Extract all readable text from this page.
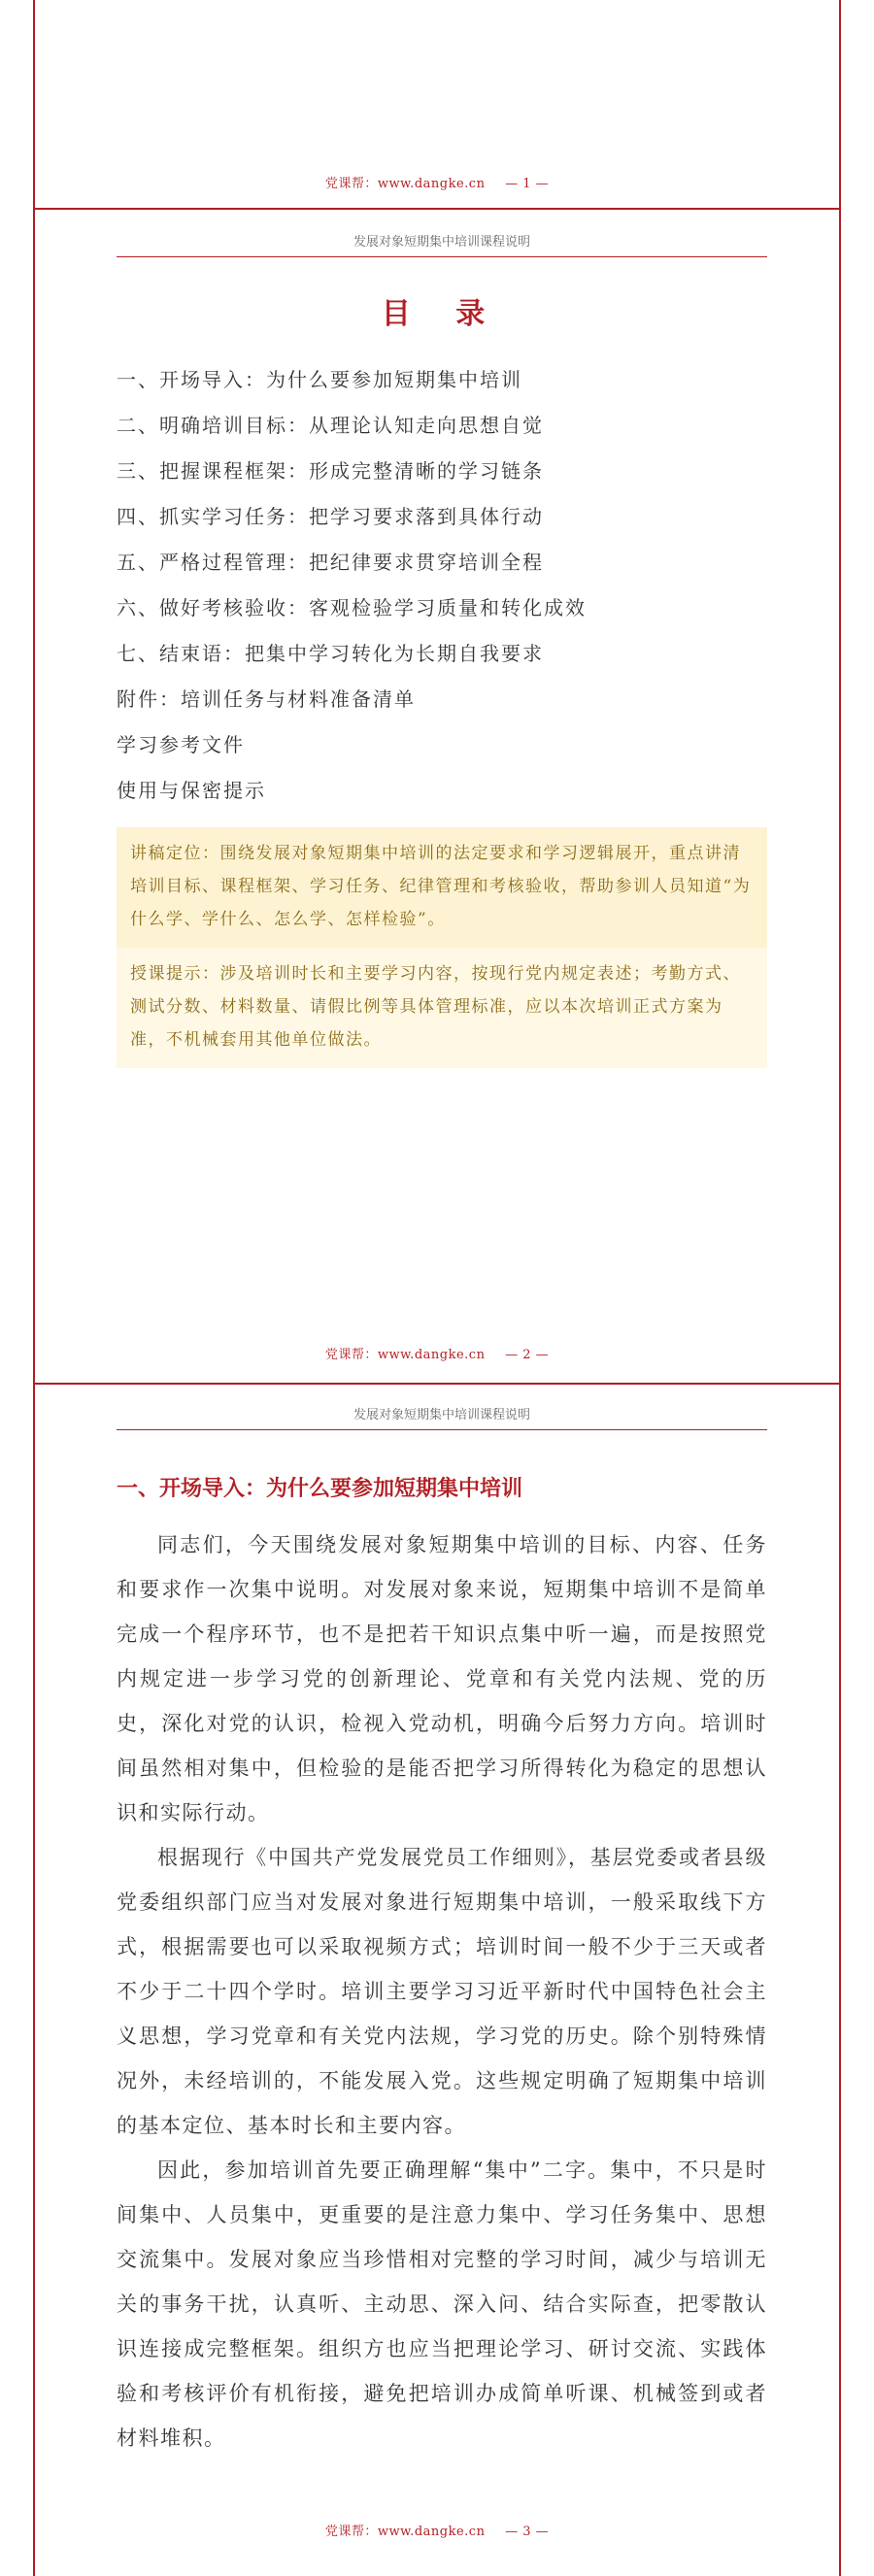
党课帮：www.dangke.cn — 1 —
发展对象短期集中培训课程说明
目 录
一、开场导入：为什么要参加短期集中培训
二、明确培训目标：从理论认知走向思想自觉
三、把握课程框架：形成完整清晰的学习链条
四、抓实学习任务：把学习要求落到具体行动
五、严格过程管理：把纪律要求贯穿培训全程
六、做好考核验收：客观检验学习质量和转化成效
七、结束语：把集中学习转化为长期自我要求
附件：培训任务与材料准备清单
学习参考文件
使用与保密提示
讲稿定位：围绕发展对象短期集中培训的法定要求和学习逻辑展开，重点讲清培训目标、课程框架、学习任务、纪律管理和考核验收，帮助参训人员知道“为什么学、学什么、怎么学、怎样检验”。
授课提示：涉及培训时长和主要学习内容，按现行党内规定表述；考勤方式、测试分数、材料数量、请假比例等具体管理标准，应以本次培训正式方案为准，不机械套用其他单位做法。
党课帮：www.dangke.cn — 2 —
发展对象短期集中培训课程说明
一、开场导入：为什么要参加短期集中培训

同志们，今天围绕发展对象短期集中培训的目标、内容、任务和要求作一次集中说明。对发展对象来说，短期集中培训不是简单完成一个程序环节，也不是把若干知识点集中听一遍，而是按照党内规定进一步学习党的创新理论、党章和有关党内法规、党的历史，深化对党的认识，检视入党动机，明确今后努力方向。培训时间虽然相对集中，但检验的是能否把学习所得转化为稳定的思想认识和实际行动。

根据现行《中国共产党发展党员工作细则》，基层党委或者县级党委组织部门应当对发展对象进行短期集中培训，一般采取线下方式，根据需要也可以采取视频方式；培训时间一般不少于三天或者不少于二十四个学时。培训主要学习习近平新时代中国特色社会主义思想，学习党章和有关党内法规，学习党的历史。除个别特殊情况外，未经培训的，不能发展入党。这些规定明确了短期集中培训的基本定位、基本时长和主要内容。

因此，参加培训首先要正确理解“集中”二字。集中，不只是时间集中、人员集中，更重要的是注意力集中、学习任务集中、思想交流集中。发展对象应当珍惜相对完整的学习时间，减少与培训无关的事务干扰，认真听、主动思、深入问、结合实际查，把零散认识连接成完整框架。组织方也应当把理论学习、研讨交流、实践体验和考核评价有机衔接，避免把培训办成简单听课、机械签到或者材料堆积。

党课帮：www.dangke.cn — 3 —
